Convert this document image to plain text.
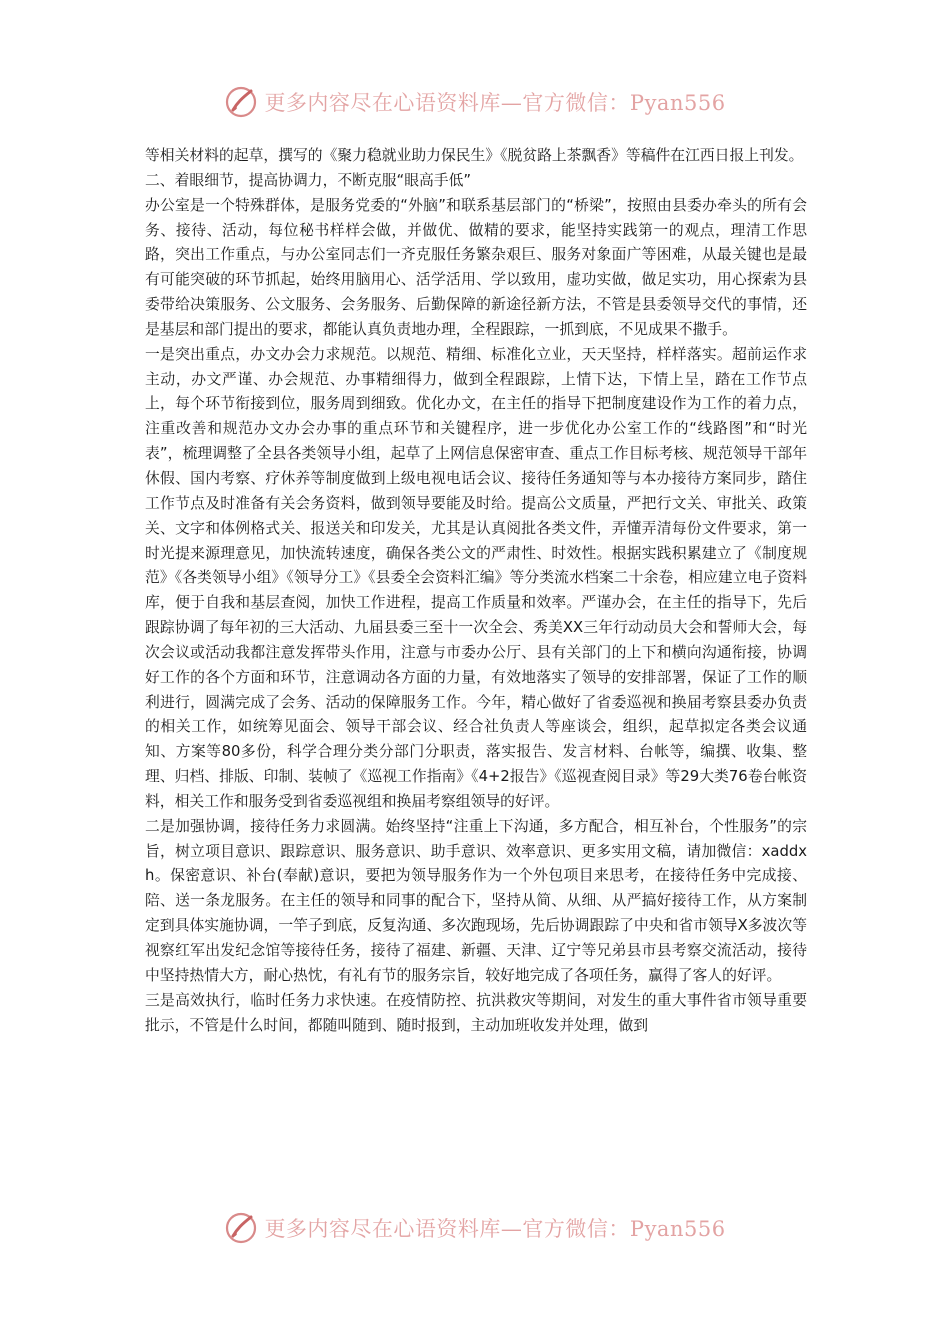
更多内容尽在心语资料库—官方微信：Pyan556

等相关材料的起草，撰写的《聚力稳就业助力保民生》《脱贫路上茶飘香》等稿件在江西日报上刊发。

二、着眼细节，提高协调力，不断克服“眼高手低”

办公室是一个特殊群体，是服务党委的“外脑”和联系基层部门的“桥梁”，按照由县委办牵头的所有会务、接待、活动，每位秘书样样会做，并做优、做精的要求，能坚持实践第一的观点，理清工作思路，突出工作重点，与办公室同志们一齐克服任务繁杂艰巨、服务对象面广等困难，从最关键也是最有可能突破的环节抓起，始终用脑用心、活学活用、学以致用，虚功实做，做足实功，用心探索为县委带给决策服务、公文服务、会务服务、后勤保障的新途径新方法，不管是县委领导交代的事情，还是基层和部门提出的要求，都能认真负责地办理，全程跟踪，一抓到底，不见成果不撒手。

一是突出重点，办文办会力求规范。以规范、精细、标准化立业，天天坚持，样样落实。超前运作求主动，办文严谨、办会规范、办事精细得力，做到全程跟踪，上情下达，下情上呈，踏在工作节点上，每个环节衔接到位，服务周到细致。优化办文，在主任的指导下把制度建设作为工作的着力点，注重改善和规范办文办会办事的重点环节和关键程序，进一步优化办公室工作的“线路图”和“时光表”，梳理调整了全县各类领导小组，起草了上网信息保密审查、重点工作目标考核、规范领导干部年休假、国内考察、疗休养等制度做到上级电视电话会议、接待任务通知等与本办接待方案同步，踏住工作节点及时准备有关会务资料，做到领导要能及时给。提高公文质量，严把行文关、审批关、政策关、文字和体例格式关、报送关和印发关，尤其是认真阅批各类文件，弄懂弄清每份文件要求，第一时光提来源理意见，加快流转速度，确保各类公文的严肃性、时效性。根据实践积累建立了《制度规范》《各类领导小组》《领导分工》《县委全会资料汇编》等分类流水档案二十余卷，相应建立电子资料库，便于自我和基层查阅，加快工作进程，提高工作质量和效率。严谨办会，在主任的指导下，先后跟踪协调了每年初的三大活动、九届县委三至十一次全会、秀美XX三年行动动员大会和誓师大会，每次会议或活动我都注意发挥带头作用，注意与市委办公厅、县有关部门的上下和横向沟通衔接，协调好工作的各个方面和环节，注意调动各方面的力量，有效地落实了领导的安排部署，保证了工作的顺利进行，圆满完成了会务、活动的保障服务工作。今年，精心做好了省委巡视和换届考察县委办负责的相关工作，如统筹见面会、领导干部会议、经合社负责人等座谈会，组织，起草拟定各类会议通知、方案等80多份，科学合理分类分部门分职责，落实报告、发言材料、台帐等，编撰、收集、整理、归档、排版、印制、装帧了《巡视工作指南》《4+2报告》《巡视查阅目录》等29大类76卷台帐资料，相关工作和服务受到省委巡视组和换届考察组领导的好评。

二是加强协调，接待任务力求圆满。始终坚持“注重上下沟通，多方配合，相互补台，个性服务”的宗旨，树立项目意识、跟踪意识、服务意识、助手意识、效率意识、更多实用文稿，请加微信：xaddxh。保密意识、补台(奉献)意识，要把为领导服务作为一个外包项目来思考，在接待任务中完成接、陪、送一条龙服务。在主任的领导和同事的配合下，坚持从简、从细、从严搞好接待工作，从方案制定到具体实施协调，一竿子到底，反复沟通、多次跑现场，先后协调跟踪了中央和省市领导X多波次等视察红军出发纪念馆等接待任务，接待了福建、新疆、天津、辽宁等兄弟县市县考察交流活动，接待中坚持热情大方，耐心热忱，有礼有节的服务宗旨，较好地完成了各项任务，赢得了客人的好评。

三是高效执行，临时任务力求快速。在疫情防控、抗洪救灾等期间，对发生的重大事件省市领导重要批示，不管是什么时间，都随叫随到、随时报到，主动加班收发并处理，做到

更多内容尽在心语资料库—官方微信：Pyan556
